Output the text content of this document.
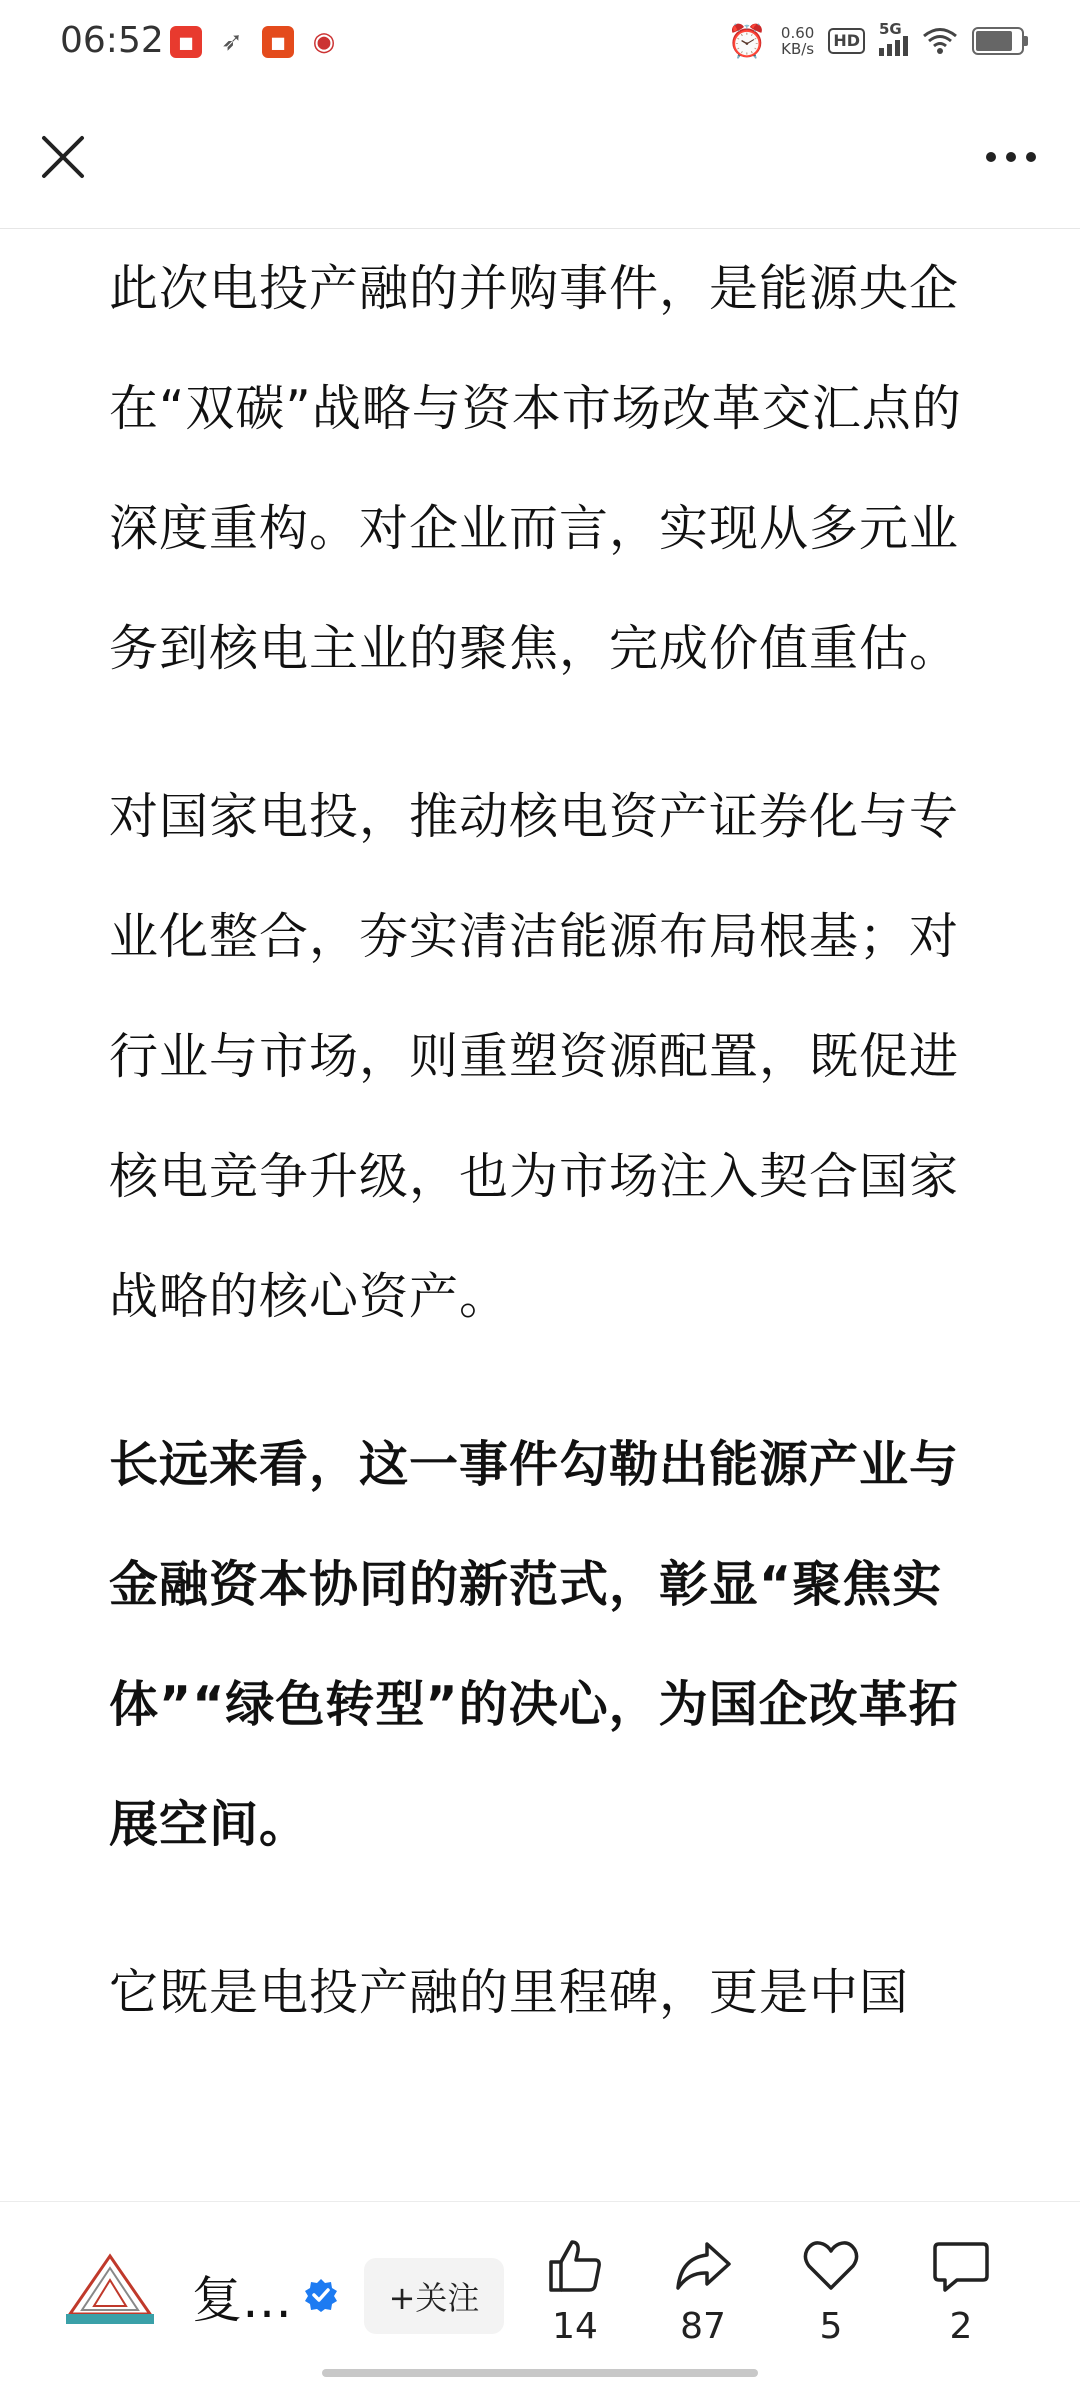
06:52 ■	➶	■	◉	⏰ 0.60
KB/s	HD
5G

此次电投产融的并购事件，是能源央企在“双碳”战略与资本市场改革交汇点的深度重构。对企业而言，实现从多元业务到核电主业的聚焦，完成价值重估。

对国家电投，推动核电资产证券化与专业化整合，夯实清洁能源布局根基；对行业与市场，则重塑资源配置，既促进核电竞争升级，也为市场注入契合国家战略的核心资产。

长远来看，这一事件勾勒出能源产业与金融资本协同的新范式，彰显“聚焦实体”“绿色转型”的决心，为国企改革拓展空间。

它既是电投产融的里程碑，更是中国

复…	+关注
14 87	5	2
